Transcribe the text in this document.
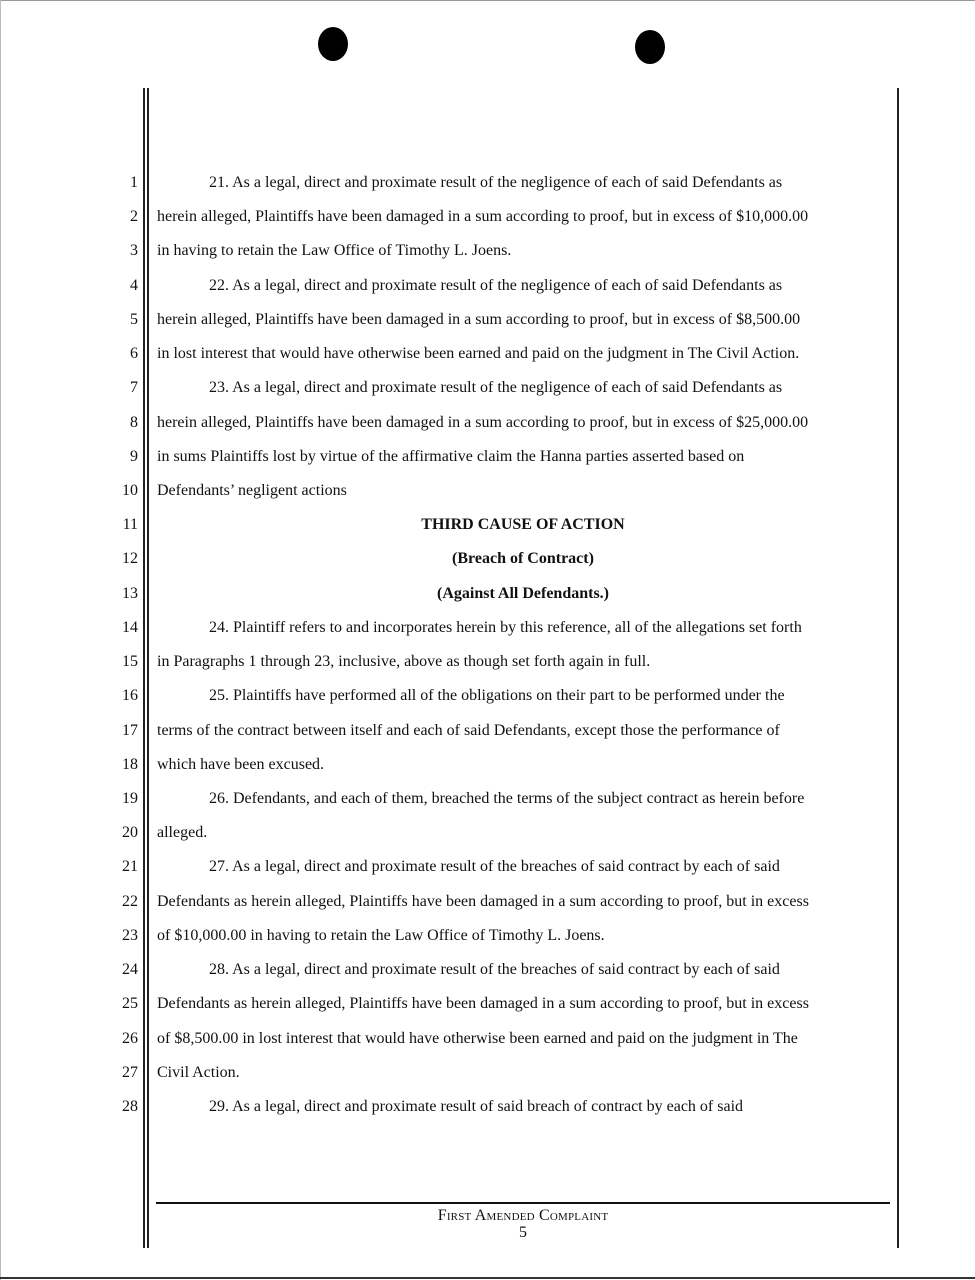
1	21. As a legal, direct and proximate result of the negligence of each of said Defendants as
2 herein alleged, Plaintiffs have been damaged in a sum according to proof, but in excess of $10,000.00
3 in having to retain the Law Office of Timothy L. Joens.
4	22. As a legal, direct and proximate result of the negligence of each of said Defendants as
5 herein alleged, Plaintiffs have been damaged in a sum according to proof, but in excess of $8,500.00
6 in lost interest that would have otherwise been earned and paid on the judgment in The Civil Action.
7	23. As a legal, direct and proximate result of the negligence of each of said Defendants as
8 herein alleged, Plaintiffs have been damaged in a sum according to proof, but in excess of $25,000.00
9 in sums Plaintiffs lost by virtue of the affirmative claim the Hanna parties asserted based on
10 Defendants’ negligent actions
11	THIRD CAUSE OF ACTION
12	(Breach of Contract)
13	(Against All Defendants.)
14	24. Plaintiff refers to and incorporates herein by this reference, all of the allegations set forth
15 in Paragraphs 1 through 23, inclusive, above as though set forth again in full.
16	25. Plaintiffs have performed all of the obligations on their part to be performed under the
17 terms of the contract between itself and each of said Defendants, except those the performance of
18 which have been excused.
19	26. Defendants, and each of them, breached the terms of the subject contract as herein before
20 alleged.
21	27. As a legal, direct and proximate result of the breaches of said contract by each of said
22 Defendants as herein alleged, Plaintiffs have been damaged in a sum according to proof, but in excess
23 of $10,000.00 in having to retain the Law Office of Timothy L. Joens.
24	28. As a legal, direct and proximate result of the breaches of said contract by each of said
25 Defendants as herein alleged, Plaintiffs have been damaged in a sum according to proof, but in excess
26 of $8,500.00 in lost interest that would have otherwise been earned and paid on the judgment in The
27 Civil Action.
28	29. As a legal, direct and proximate result of said breach of contract by each of said
First Amended Complaint
5
